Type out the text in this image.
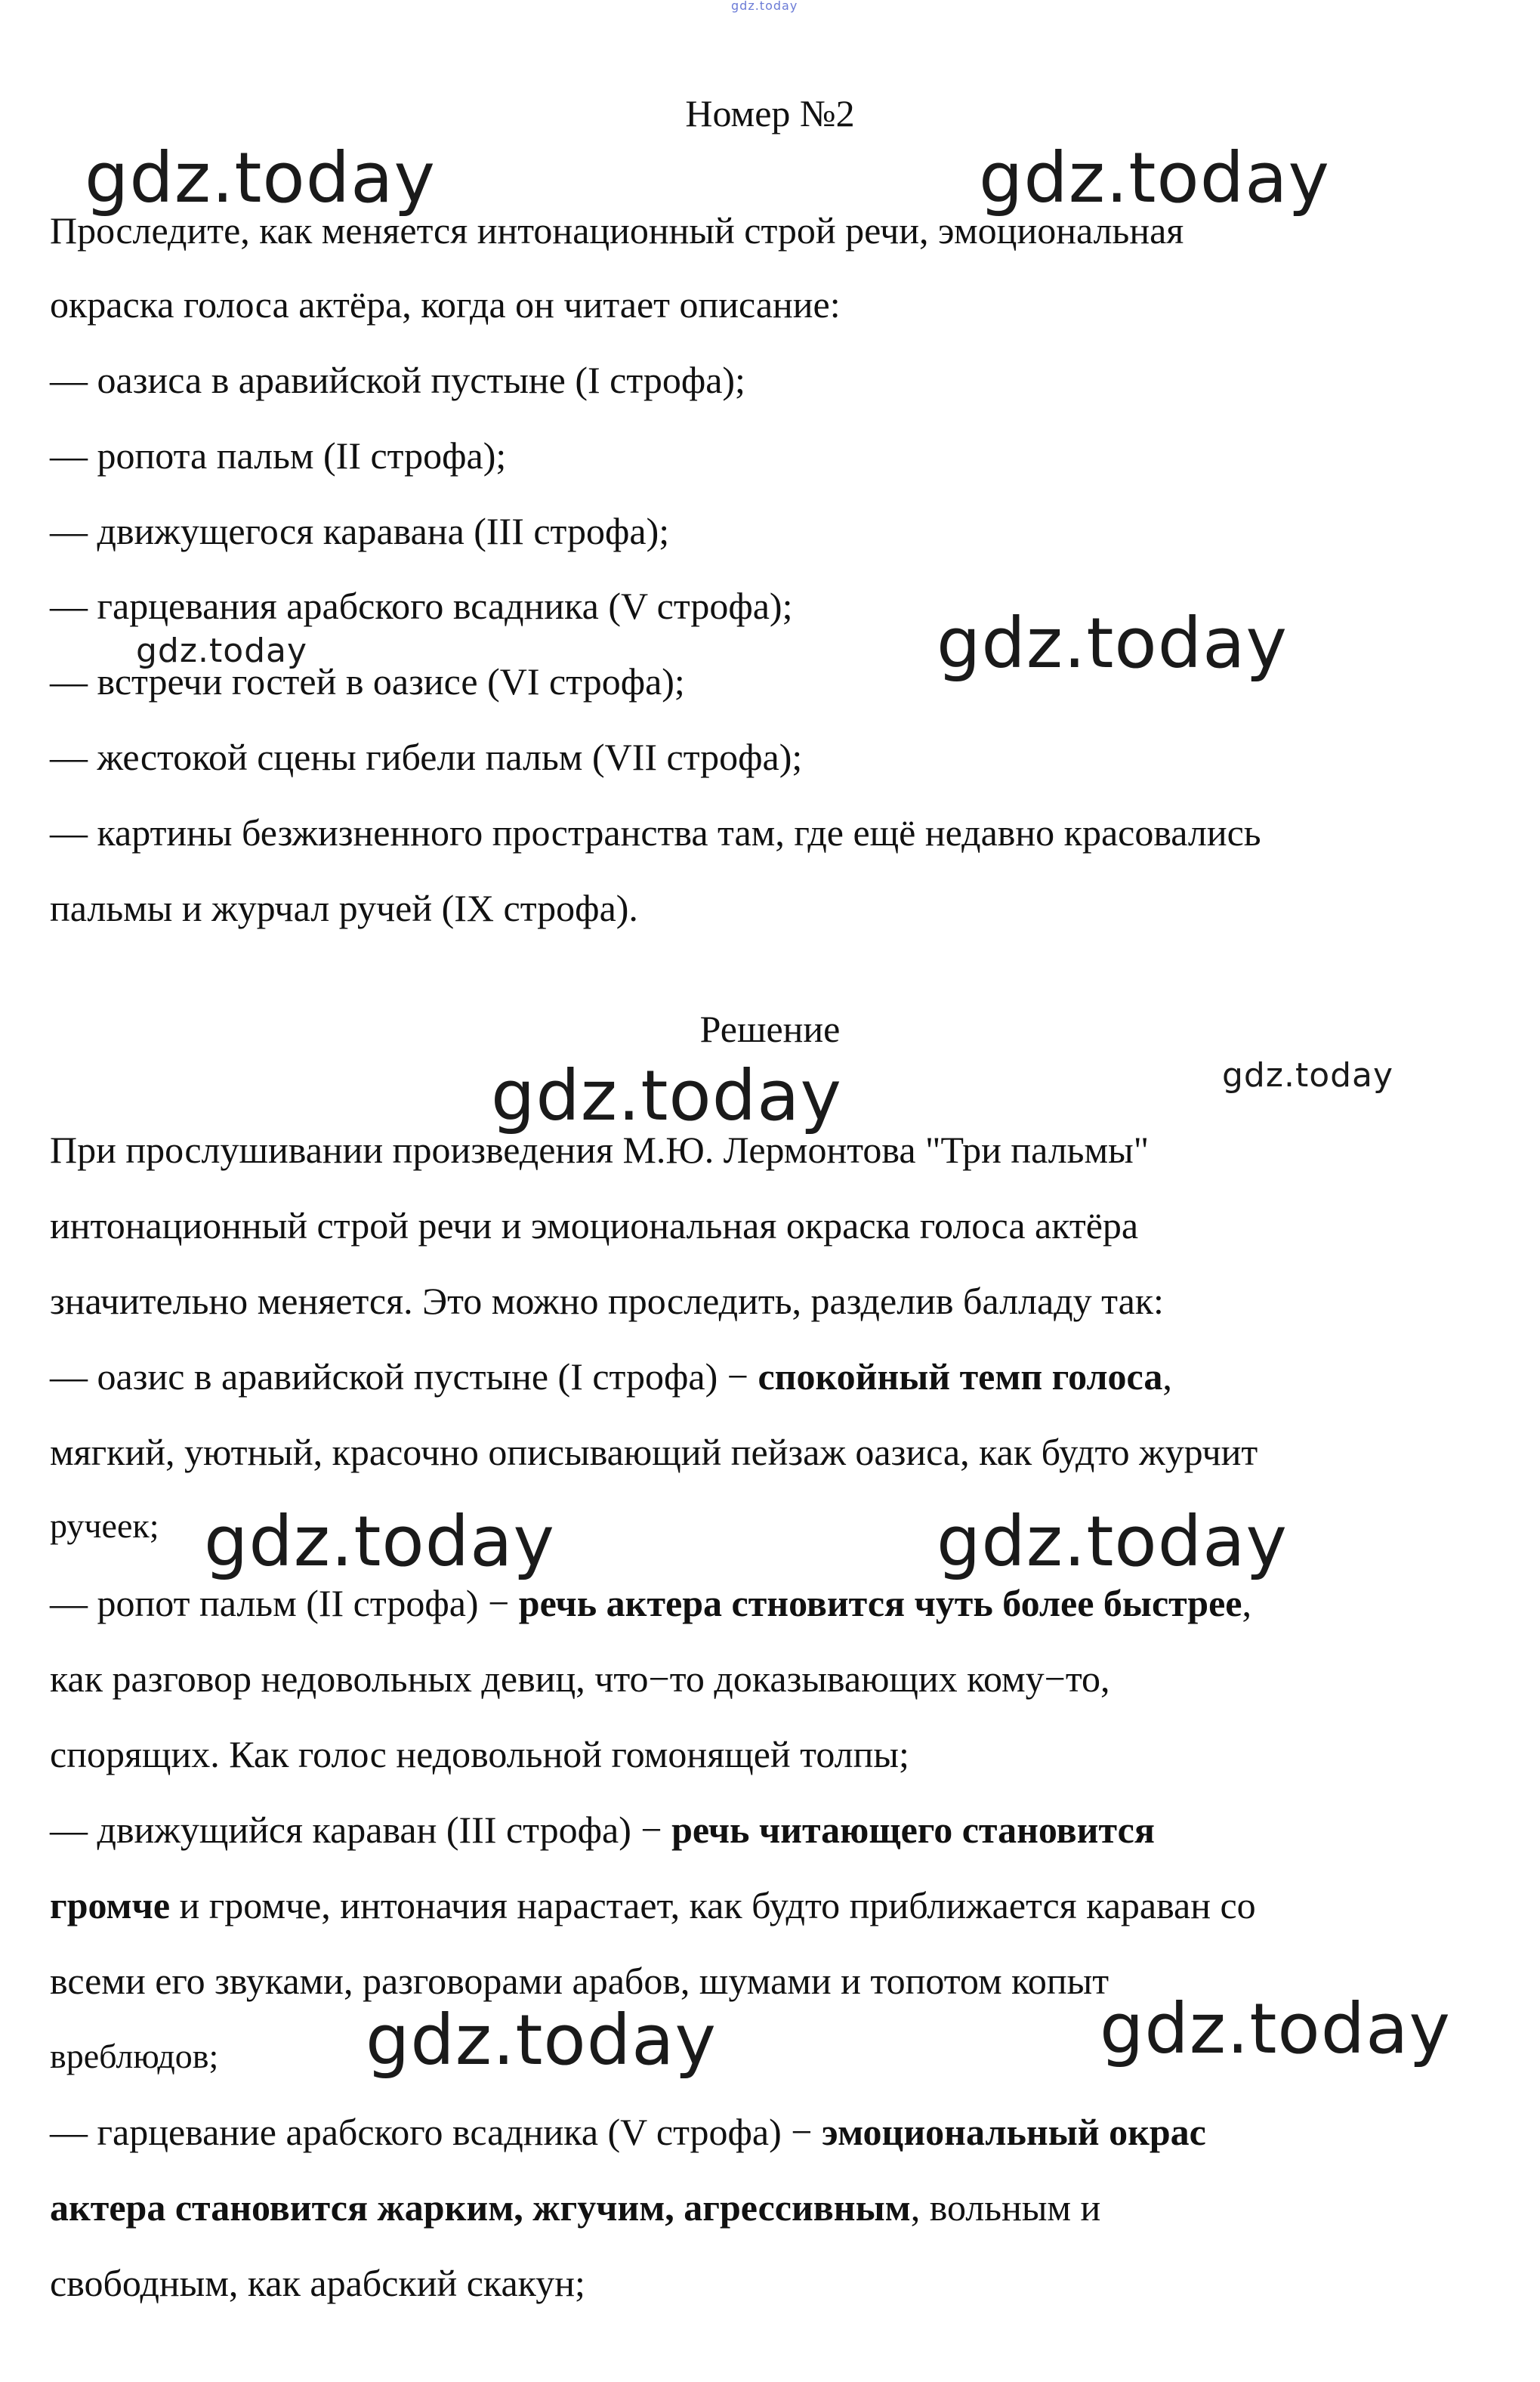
gdz.today
Номер №2
Проследите, как меняется интонационный строй речи, эмоциональная
окраска голоса актёра, когда он читает описание:
— оазиса в аравийской пустыне (I строфа);
— ропота пальм (II строфа);
— движущегося каравана (III строфа);
— гарцевания арабского всадника (V строфа);
— встречи гостей в оазисе (VI строфа);
— жестокой сцены гибели пальм (VII строфа);
— картины безжизненного пространства там, где ещё недавно красовались
пальмы и журчал ручей (IX строфа).
Решение
При прослушивании произведения М.Ю. Лермонтова "Три пальмы"
интонационный строй речи и эмоциональная окраска голоса актёра
значительно меняется. Это можно проследить, разделив балладу так:
— оазис в аравийской пустыне (I строфа) − спокойный темп голоса,
мягкий, уютный, красочно описывающий пейзаж оазиса, как будто журчит
ручеек;
— ропот пальм (II строфа) − речь актера стновится чуть более быстрее,
как разговор недовольных девиц, что−то доказывающих кому−то,
спорящих. Как голос недовольной гомонящей толпы;
— движущийся караван (III строфа) − речь читающего становится
громче и громче, интоначия нарастает, как будто приближается караван со
всеми его звуками, разговорами арабов, шумами и топотом копыт
вреблюдов;
— гарцевание арабского всадника (V строфа) − эмоциональный окрас
актера становится жарким, жгучим, агрессивным, вольным и
свободным, как арабский скакун;
gdz.today	gdz.today
gdz.today	gdz.today
gdz.today	gdz.today
gdz.today	gdz.today
gdz.today	gdz.today
